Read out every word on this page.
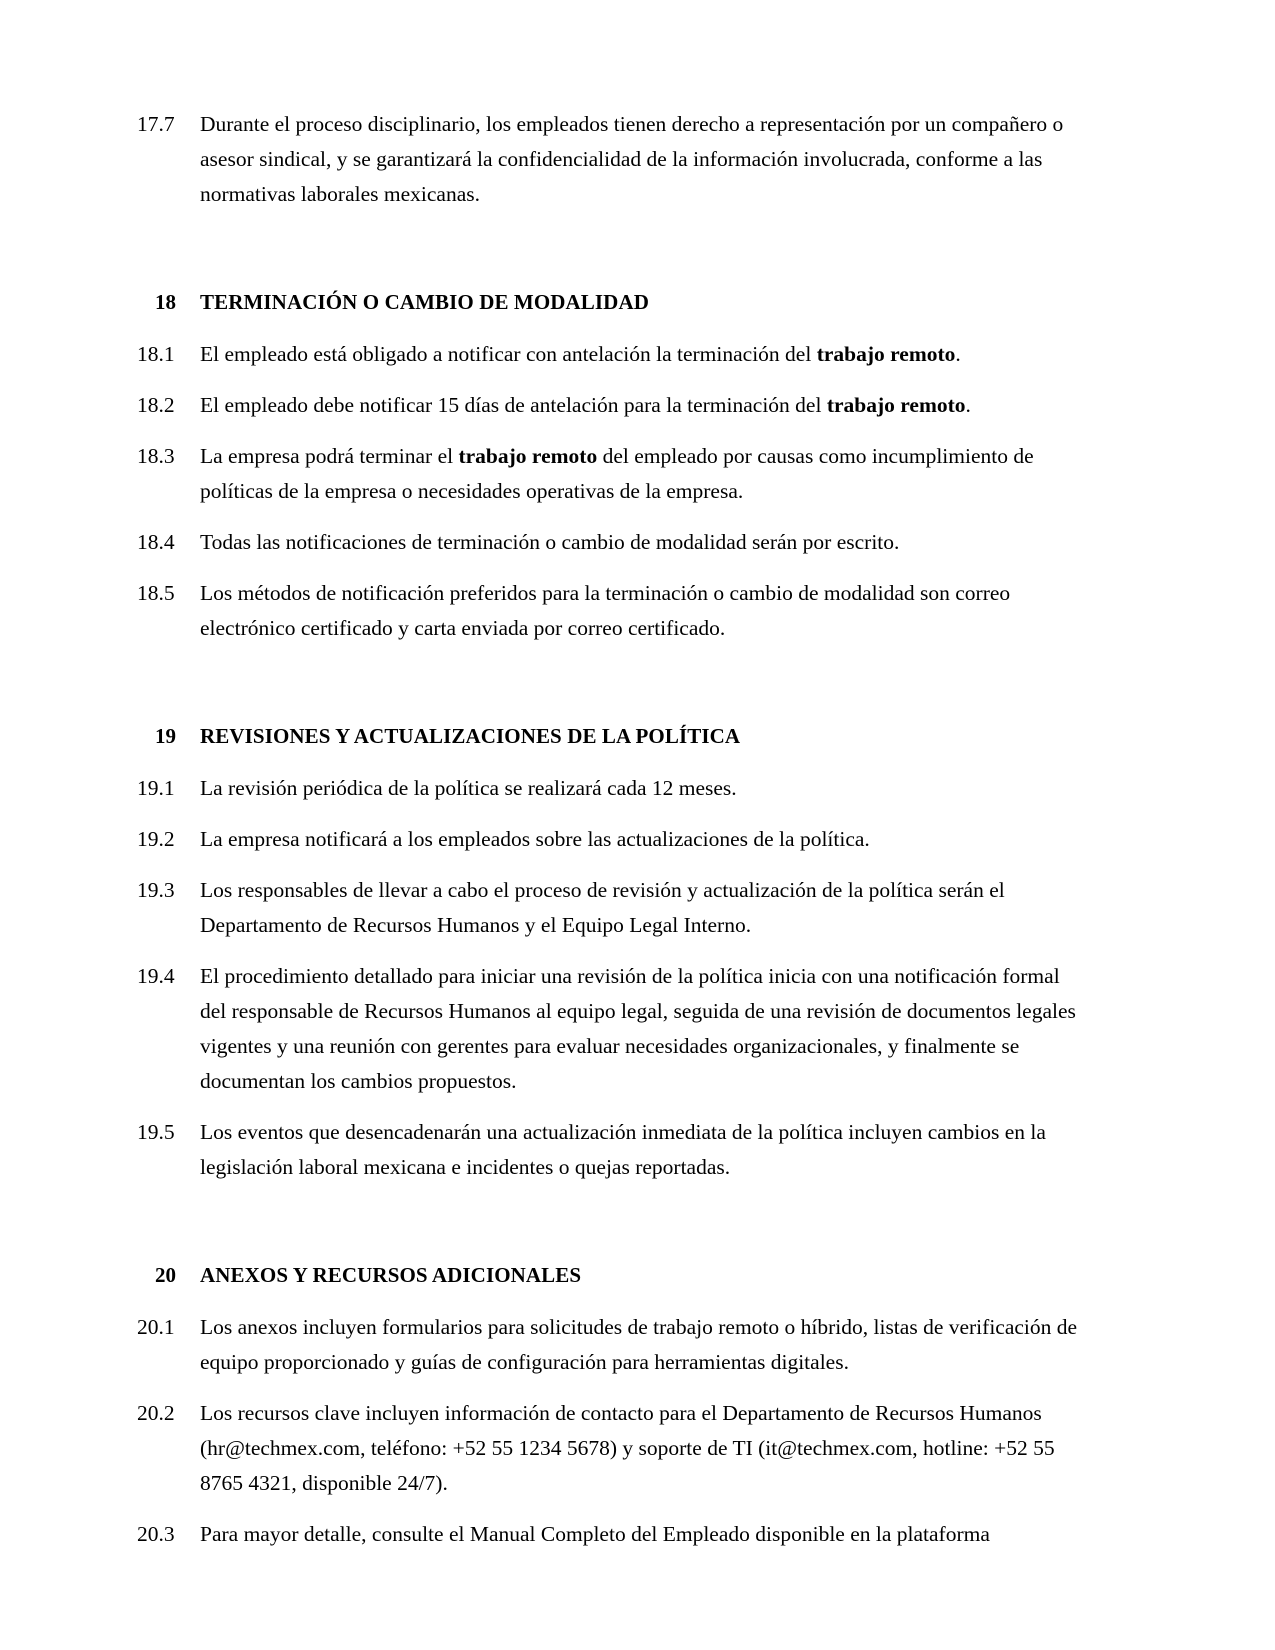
17.7	Durante el proceso disciplinario, los empleados tienen derecho a representación por un compañero o asesor sindical, y se garantizará la confidencialidad de la información involucrada, conforme a las normativas laborales mexicanas.
18	TERMINACIÓN O CAMBIO DE MODALIDAD
18.1	El empleado está obligado a notificar con antelación la terminación del trabajo remoto.
18.2	El empleado debe notificar 15 días de antelación para la terminación del trabajo remoto.
18.3	La empresa podrá terminar el trabajo remoto del empleado por causas como incumplimiento de políticas de la empresa o necesidades operativas de la empresa.
18.4	Todas las notificaciones de terminación o cambio de modalidad serán por escrito.
18.5	Los métodos de notificación preferidos para la terminación o cambio de modalidad son correo electrónico certificado y carta enviada por correo certificado.
19	REVISIONES Y ACTUALIZACIONES DE LA POLÍTICA
19.1	La revisión periódica de la política se realizará cada 12 meses.
19.2	La empresa notificará a los empleados sobre las actualizaciones de la política.
19.3	Los responsables de llevar a cabo el proceso de revisión y actualización de la política serán el Departamento de Recursos Humanos y el Equipo Legal Interno.
19.4	El procedimiento detallado para iniciar una revisión de la política inicia con una notificación formal del responsable de Recursos Humanos al equipo legal, seguida de una revisión de documentos legales vigentes y una reunión con gerentes para evaluar necesidades organizacionales, y finalmente se documentan los cambios propuestos.
19.5	Los eventos que desencadenarán una actualización inmediata de la política incluyen cambios en la legislación laboral mexicana e incidentes o quejas reportadas.
20	ANEXOS Y RECURSOS ADICIONALES
20.1	Los anexos incluyen formularios para solicitudes de trabajo remoto o híbrido, listas de verificación de equipo proporcionado y guías de configuración para herramientas digitales.
20.2	Los recursos clave incluyen información de contacto para el Departamento de Recursos Humanos (hr@techmex.com, teléfono: +52 55 1234 5678) y soporte de TI (it@techmex.com, hotline: +52 55 8765 4321, disponible 24/7).
20.3	Para mayor detalle, consulte el Manual Completo del Empleado disponible en la plataforma
